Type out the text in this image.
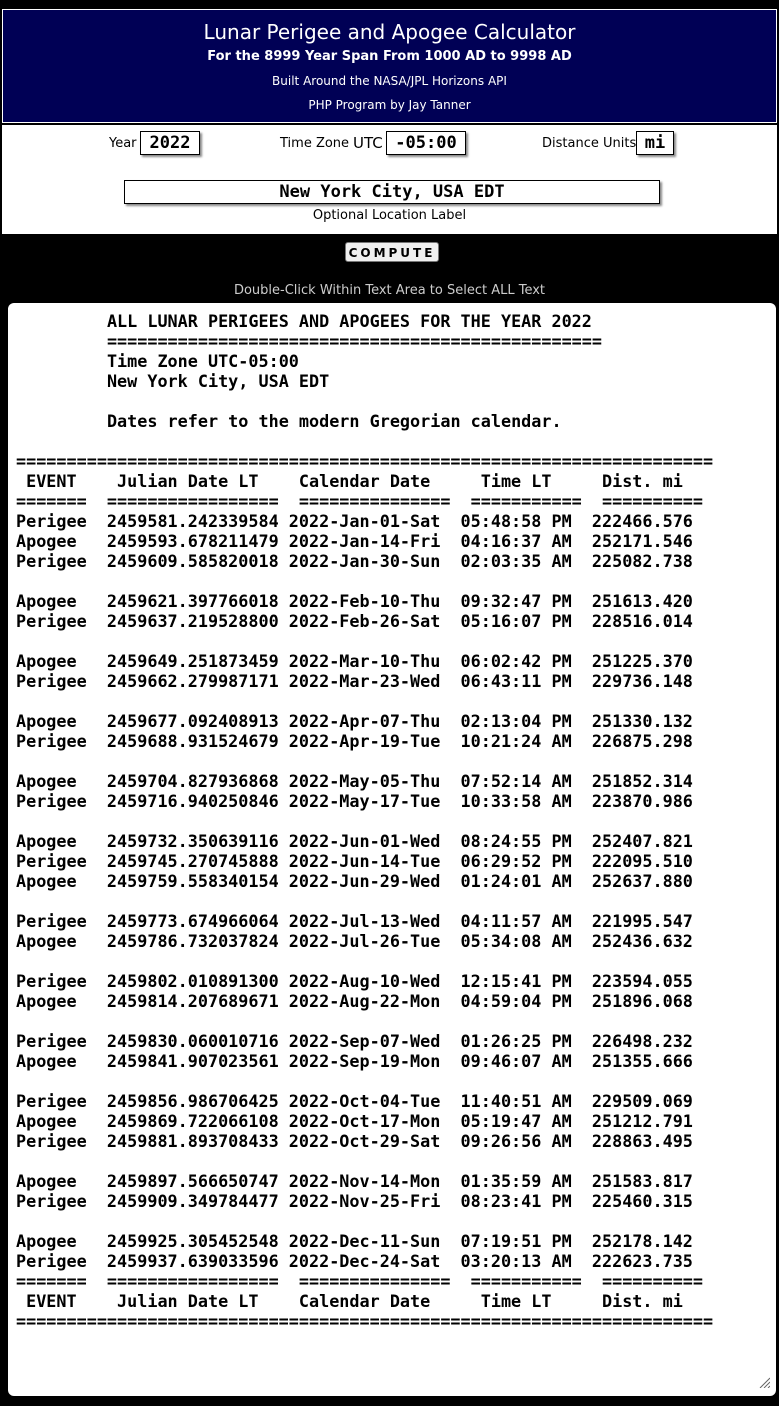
Lunar Perigee and Apogee Calculator
For the 8999 Year Span From 1000 AD to 9998 AD
Built Around the NASA/JPL Horizons API
PHP Program by Jay Tanner
Year 2022	Time Zone UTC -05:00	Distance Units mi
New York City, USA EDT
Optional Location Label
COMPUTE
Double-Click Within Text Area to Select ALL Text
ALL LUNAR PERIGEES AND APOGEES FOR THE YEAR 2022
=================================================
Time Zone UTC-05:00
New York City, USA EDT

Dates refer to the modern Gregorian calendar.

=====================================================================
EVENT    Julian Date LT    Calendar Date     Time LT     Dist. mi
=======  =================  ===============  ===========  ==========
Perigee  2459581.242339584 2022-Jan-01-Sat  05:48:58 PM  222466.576
Apogee   2459593.678211479 2022-Jan-14-Fri  04:16:37 AM  252171.546
Perigee  2459609.585820018 2022-Jan-30-Sun  02:03:35 AM  225082.738

Apogee   2459621.397766018 2022-Feb-10-Thu  09:32:47 PM  251613.420
Perigee  2459637.219528800 2022-Feb-26-Sat  05:16:07 PM  228516.014

Apogee   2459649.251873459 2022-Mar-10-Thu  06:02:42 PM  251225.370
Perigee  2459662.279987171 2022-Mar-23-Wed  06:43:11 PM  229736.148

Apogee   2459677.092408913 2022-Apr-07-Thu  02:13:04 PM  251330.132
Perigee  2459688.931524679 2022-Apr-19-Tue  10:21:24 AM  226875.298

Apogee   2459704.827936868 2022-May-05-Thu  07:52:14 AM  251852.314
Perigee  2459716.940250846 2022-May-17-Tue  10:33:58 AM  223870.986

Apogee   2459732.350639116 2022-Jun-01-Wed  08:24:55 PM  252407.821
Perigee  2459745.270745888 2022-Jun-14-Tue  06:29:52 PM  222095.510
Apogee   2459759.558340154 2022-Jun-29-Wed  01:24:01 AM  252637.880

Perigee  2459773.674966064 2022-Jul-13-Wed  04:11:57 AM  221995.547
Apogee   2459786.732037824 2022-Jul-26-Tue  05:34:08 AM  252436.632

Perigee  2459802.010891300 2022-Aug-10-Wed  12:15:41 PM  223594.055
Apogee   2459814.207689671 2022-Aug-22-Mon  04:59:04 PM  251896.068

Perigee  2459830.060010716 2022-Sep-07-Wed  01:26:25 PM  226498.232
Apogee   2459841.907023561 2022-Sep-19-Mon  09:46:07 AM  251355.666

Perigee  2459856.986706425 2022-Oct-04-Tue  11:40:51 AM  229509.069
Apogee   2459869.722066108 2022-Oct-17-Mon  05:19:47 AM  251212.791
Perigee  2459881.893708433 2022-Oct-29-Sat  09:26:56 AM  228863.495

Apogee   2459897.566650747 2022-Nov-14-Mon  01:35:59 AM  251583.817
Perigee  2459909.349784477 2022-Nov-25-Fri  08:23:41 PM  225460.315

Apogee   2459925.305452548 2022-Dec-11-Sun  07:19:51 PM  252178.142
Perigee  2459937.639033596 2022-Dec-24-Sat  03:20:13 AM  222623.735
=======  =================  ===============  ===========  ==========
EVENT    Julian Date LT    Calendar Date     Time LT     Dist. mi
=====================================================================
